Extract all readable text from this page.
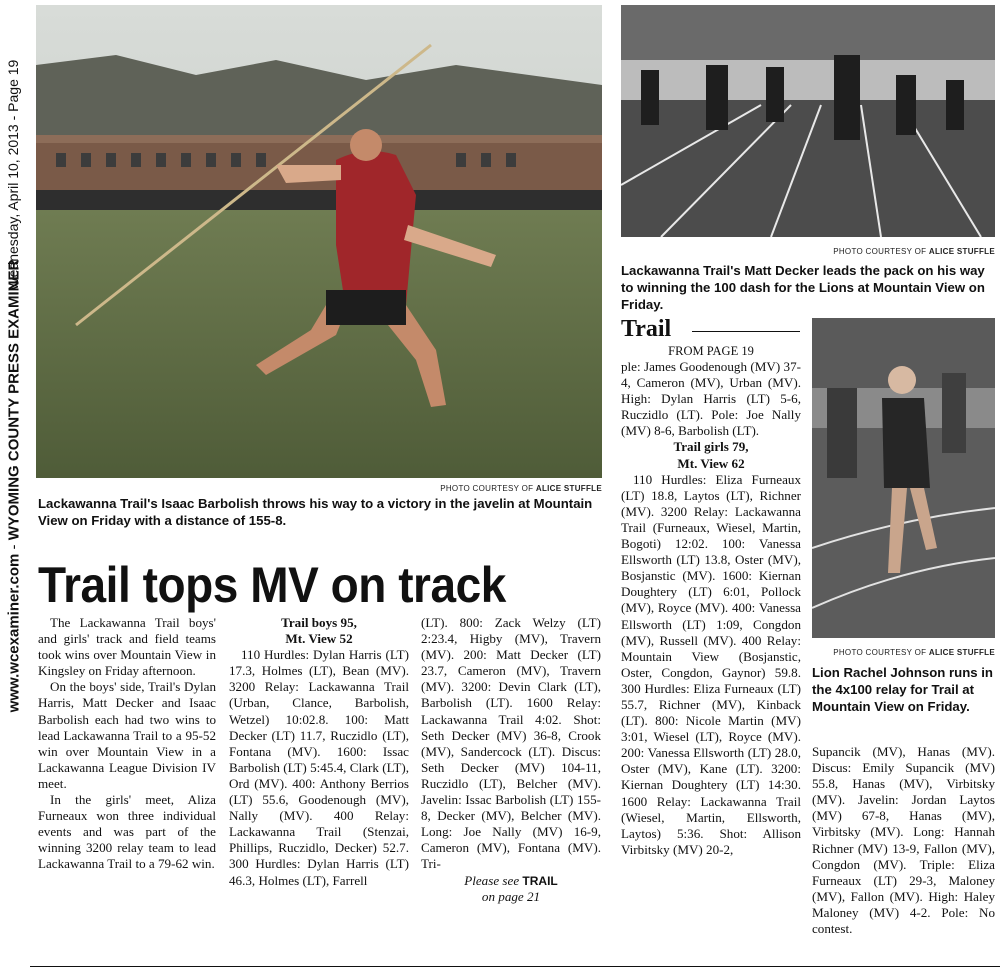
www.wcexaminer.com - WYOMING COUNTY PRESS EXAMINER
Wednesday, April 10, 2013 - Page 19
PHOTO COURTESY OF ALICE STUFFLE
Lackawanna Trail's Isaac Barbolish throws his way to a victory in the javelin at Mountain View on Friday with a distance of 155-8.
PHOTO COURTESY OF ALICE STUFFLE
Lackawanna Trail's Matt Decker leads the pack on his way to winning the 100 dash for the Lions at Mountain View on Friday.
Trail tops MV on track

The Lackawanna Trail boys' and girls' track and field teams took wins over Mountain View in Kingsley on Friday afternoon.

On the boys' side, Trail's Dylan Harris, Matt Decker and Isaac Barbolish each had two wins to lead Lackawanna Trail to a 95-52 win over Mountain View in a Lackawanna League Division IV meet.

In the girls' meet, Aliza Furneaux won three individual events and was part of the winning 3200 relay team to lead Lackawanna Trail to a 79-62 win.

Trail boys 95,

Mt. View 52

110 Hurdles: Dylan Harris (LT) 17.3, Holmes (LT), Bean (MV). 3200 Relay: Lackawanna Trail (Urban, Clance, Barbolish, Wetzel) 10:02.8. 100: Matt Decker (LT) 11.7, Ruczidlo (LT), Fontana (MV). 1600: Issac Barbolish (LT) 5:45.4, Clark (LT), Ord (MV). 400: Anthony Berrios (LT) 55.6, Goodenough (MV), Nally (MV). 400 Relay: Lackawanna Trail (Stenzai, Phillips, Ruczidlo, Decker) 52.7. 300 Hurdles: Dylan Harris (LT) 46.3, Holmes (LT), Farrell

(LT). 800: Zack Welzy (LT) 2:23.4, Higby (MV), Travern (MV). 200: Matt Decker (LT) 23.7, Cameron (MV), Travern (MV). 3200: Devin Clark (LT), Barbolish (LT). 1600 Relay: Lackawanna Trail 4:02. Shot: Seth Decker (MV) 36-8, Crook (MV), Sandercock (LT). Discus: Seth Decker (MV) 104-11, Ruczidlo (LT), Belcher (MV). Javelin: Issac Barbolish (LT) 155-8, Decker (MV), Belcher (MV). Long: Joe Nally (MV) 16-9, Cameron (MV), Fontana (MV). Tri-

Please see TRAIL

on page 21

Trail
FROM PAGE 19

ple: James Goodenough (MV) 37-4, Cameron (MV), Urban (MV). High: Dylan Harris (LT) 5-6, Ruczidlo (LT). Pole: Joe Nally (MV) 8-6, Barbolish (LT).

Trail girls 79,

Mt. View 62

110 Hurdles: Eliza Furneaux (LT) 18.8, Laytos (LT), Richner (MV). 3200 Relay: Lackawanna Trail (Furneaux, Wiesel, Martin, Bogoti) 12:02. 100: Vanessa Ellsworth (LT) 13.8, Oster (MV), Bosjanstic (MV). 1600: Kiernan Doughtery (LT) 6:01, Pollock (MV), Royce (MV). 400: Vanessa Ellsworth (LT) 1:09, Congdon (MV), Russell (MV). 400 Relay: Mountain View (Bosjanstic, Oster, Congdon, Gaynor) 59.8. 300 Hurdles: Eliza Furneaux (LT) 55.7, Richner (MV), Kinback (LT). 800: Nicole Martin (MV) 3:01, Wiesel (LT), Royce (MV). 200: Vanessa Ellsworth (LT) 28.0, Oster (MV), Kane (LT). 3200: Kiernan Doughtery (LT) 14:30. 1600 Relay: Lackawanna Trail (Wiesel, Martin, Ellsworth, Laytos) 5:36. Shot: Allison Virbitsky (MV) 20-2,

PHOTO COURTESY OF ALICE STUFFLE
Lion Rachel Johnson runs in the 4x100 relay for Trail at Mountain View on Friday.

Supancik (MV), Hanas (MV). Discus: Emily Supancik (MV) 55.8, Hanas (MV), Virbitsky (MV). Javelin: Jordan Laytos (MV) 67-8, Hanas (MV), Virbitsky (MV). Long: Hannah Richner (MV) 13-9, Fallon (MV), Congdon (MV). Triple: Eliza Furneaux (LT) 29-3, Maloney (MV), Fallon (MV). High: Haley Maloney (MV) 4-2. Pole: No contest.
